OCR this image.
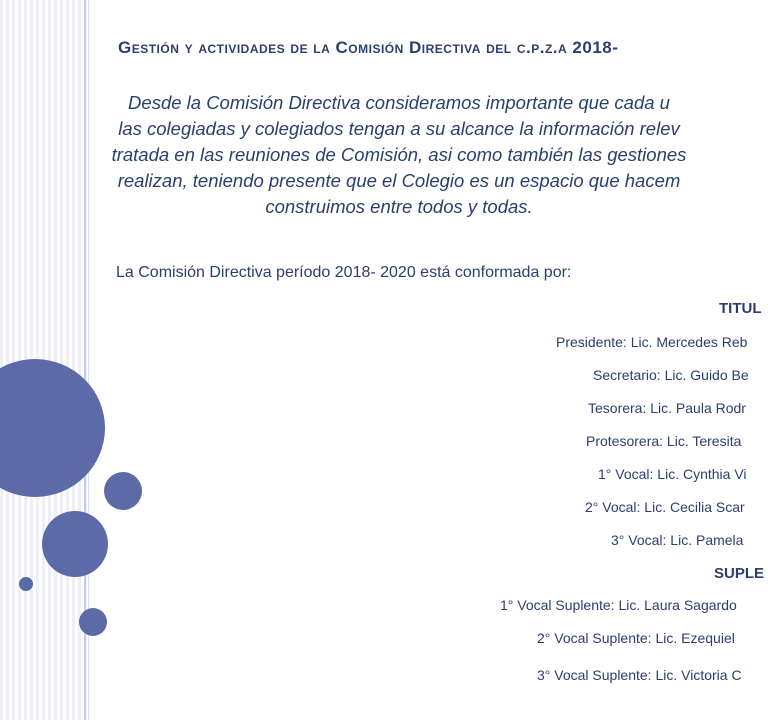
Gestión y actividades de la Comisión Directiva del c.p.z.a 2018-
Desde la Comisión Directiva consideramos importante que cada u
las colegiadas y colegiados tengan a su alcance la información relev
tratada en las reuniones de Comisión, asi como también las gestiones
realizan, teniendo presente que el Colegio es un espacio que hacem
construimos entre todos y todas.
La Comisión Directiva período 2018- 2020 está conformada por:
TITUL
Presidente: Lic. Mercedes Reb
Secretario: Lic. Guido Be
Tesorera: Lic. Paula Rodr
Protesorera: Lic. Teresita
1° Vocal: Lic. Cynthia Vi
2° Vocal: Lic. Cecilia Scar
3° Vocal: Lic. Pamela
SUPLE
1° Vocal Suplente: Lic. Laura Sagardo
2° Vocal Suplente: Lic. Ezequiel
3° Vocal Suplente: Lic. Victoria C
